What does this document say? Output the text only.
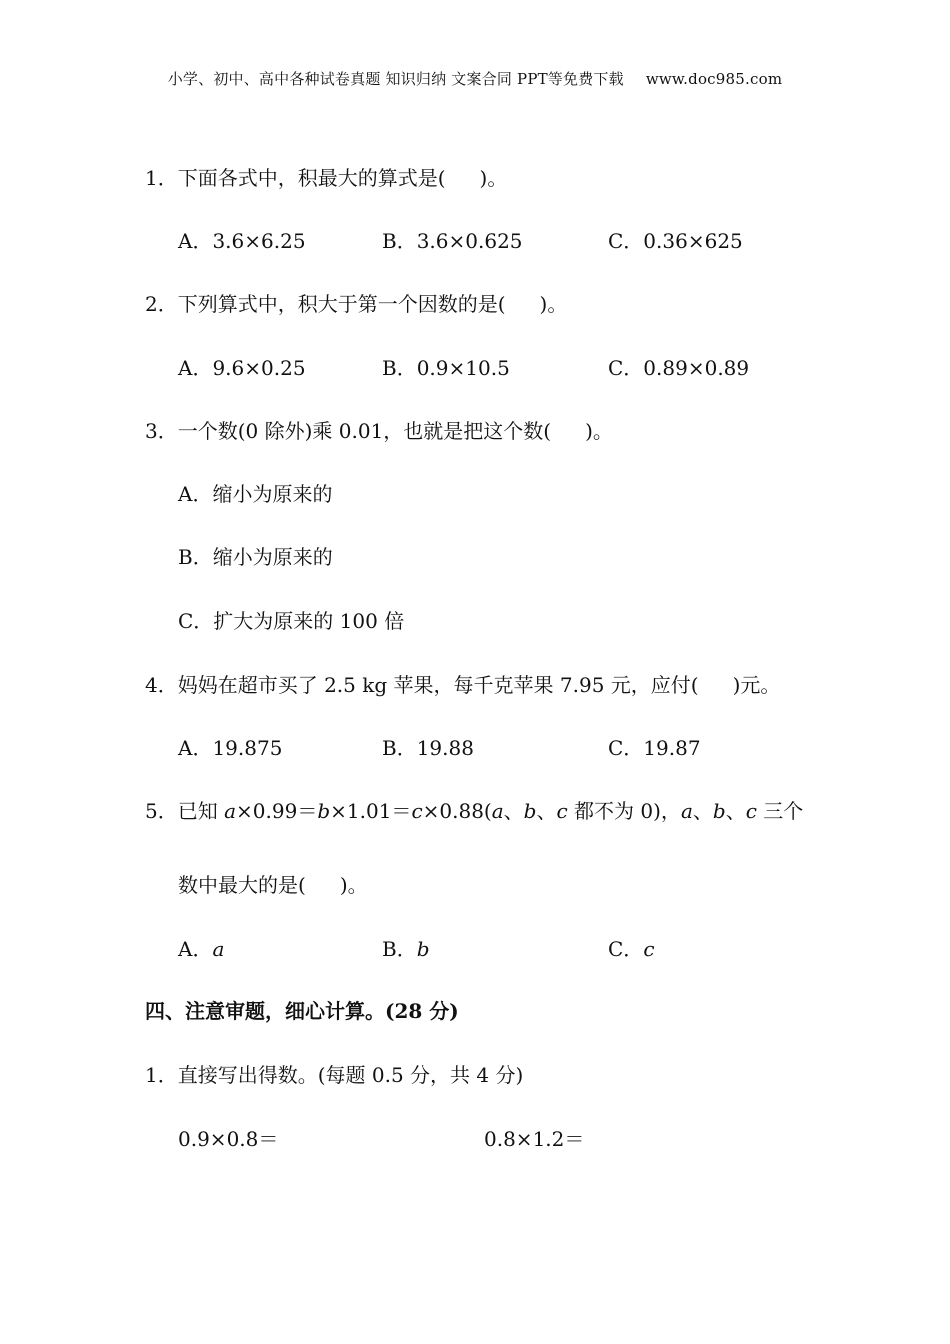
小学、初中、高中各种试卷真题 知识归纳 文案合同 PPT等免费下载 www.doc985.com
1．下面各式中，积最大的算式是( )。
A．3.6×6.25	B．3.6×0.625	C．0.36×625
2．下列算式中，积大于第一个因数的是( )。
A．9.6×0.25	B．0.9×10.5	C．0.89×0.89
3．一个数(0 除外)乘 0.01，也就是把这个数( )。
A．缩小为原来的
B．缩小为原来的
C．扩大为原来的 100 倍
4．妈妈在超市买了 2.5 kg 苹果，每千克苹果 7.95 元，应付( )元。
A．19.875	B．19.88	C．19.87
5．已知 a×0.99＝b×1.01＝c×0.88(a、b、c 都不为 0)，a、b、c 三个
数中最大的是( )。
A．a	B．b	C．c
四、注意审题，细心计算。(28 分)
1．直接写出得数。(每题 0.5 分，共 4 分)
0.9×0.8＝	0.8×1.2＝
